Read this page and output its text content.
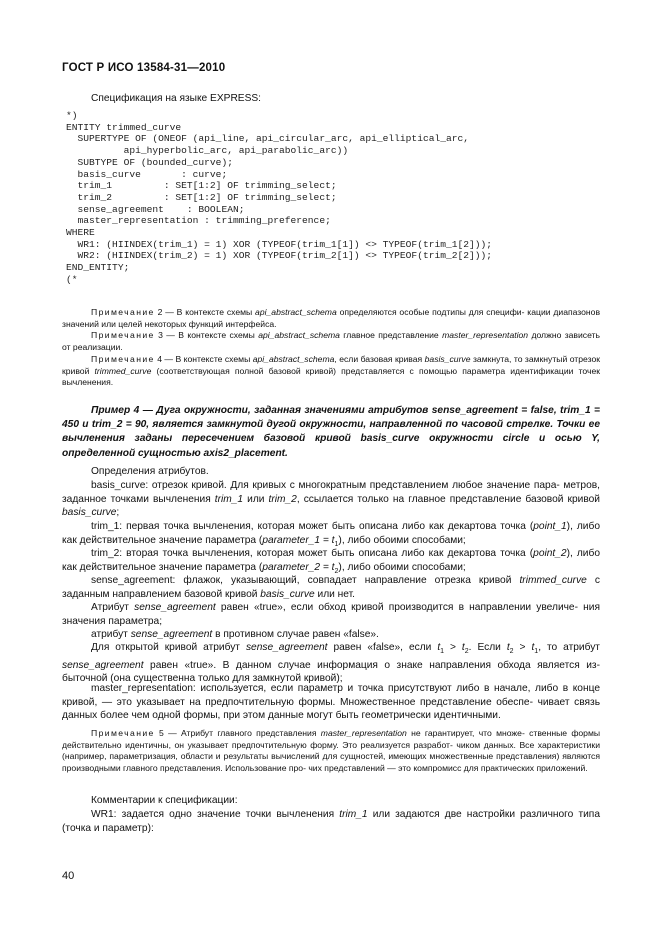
ГОСТ Р ИСО 13584-31—2010

Спецификация на языке EXPRESS:

*)
ENTITY trimmed_curve
SUPERTYPE OF (ONEOF (api_line, api_circular_arc, api_elliptical_arc,
api_hyperbolic_arc, api_parabolic_arc))
SUBTYPE OF (bounded_curve);
basis_curve       : curve;
trim_1         : SET[1:2] OF trimming_select;
trim_2         : SET[1:2] OF trimming_select;
sense_agreement    : BOOLEAN;
master_representation : trimming_preference;
WHERE
WR1: (HIINDEX(trim_1) = 1) XOR (TYPEOF(trim_1[1]) <> TYPEOF(trim_1[2]));
WR2: (HIINDEX(trim_2) = 1) XOR (TYPEOF(trim_2[1]) <> TYPEOF(trim_2[2]));
END_ENTITY;
(*

Примечание 2 — В контексте схемы api_abstract_schema определяются особые подтипы для специфи- кации диапазонов значений или целей некоторых функций интерфейса.

Примечание 3 — В контексте схемы api_abstract_schema главное представление master_representation должно зависеть от реализации.

Примечание 4 — В контексте схемы api_abstract_schema, если базовая кривая basis_curve замкнута, то замкнутый отрезок кривой trimmed_curve (соответствующая полной базовой кривой) представляется с помощью параметра идентификации точек вычленения.

Пример 4 — Дуга окружности, заданная значениями атрибутов sense_agreement = false, trim_1 = 450 и trim_2 = 90, является замкнутой дугой окружности, направленной по часовой стрелке. Точки ее вычленения заданы пересечением базовой кривой basis_curve окружности circle и осью Y, определенной сущностью axis2_placement.

Определения атрибутов.

basis_curve: отрезок кривой. Для кривых с многократным представлением любое значение пара- метров, заданное точками вычленения trim_1 или trim_2, ссылается только на главное представление базовой кривой basis_curve;

trim_1: первая точка вычленения, которая может быть описана либо как декартова точка (point_1), либо как действительное значение параметра (parameter_1 = $t_1$), либо обоими способами;

trim_2: вторая точка вычленения, которая может быть описана либо как декартова точка (point_2), либо как действительное значение параметра (parameter_2 = $t_2$), либо обоими способами;

sense_agreement: флажок, указывающий, совпадает направление отрезка кривой trimmed_curve с заданным направлением базовой кривой basis_curve или нет.

Атрибут sense_agreement равен «true», если обход кривой производится в направлении увеличе- ния значения параметра;

атрибут sense_agreement в противном случае равен «false».

Для открытой кривой атрибут sense_agreement равен «false», если $t_1 > t_2$. Если $t_2 > t_1$, то атрибут sense_agreement равен «true». В данном случае информация о знаке направления обхода является из- быточной (она существенна только для замкнутой кривой);

master_representation: используется, если параметр и точка присутствуют либо в начале, либо в конце кривой, — это указывает на предпочтительную формы. Множественное представление обеспе- чивает связь данных более чем одной формы, при этом данные могут быть геометрически идентичными.

Примечание 5 — Атрибут главного представления master_representation не гарантирует, что множе- ственные формы действительно идентичны, он указывает предпочтительную форму. Это реализуется разработ- чиком данных. Все характеристики (например, параметризация, области и результаты вычислений для сущностей, имеющих множественные представления) являются производными главного представления. Использование про- чих представлений — это компромисс для практических приложений.

Комментарии к спецификации:

WR1: задается одно значение точки вычленения trim_1 или задаются две настройки различного типа (точка и параметр):

40
